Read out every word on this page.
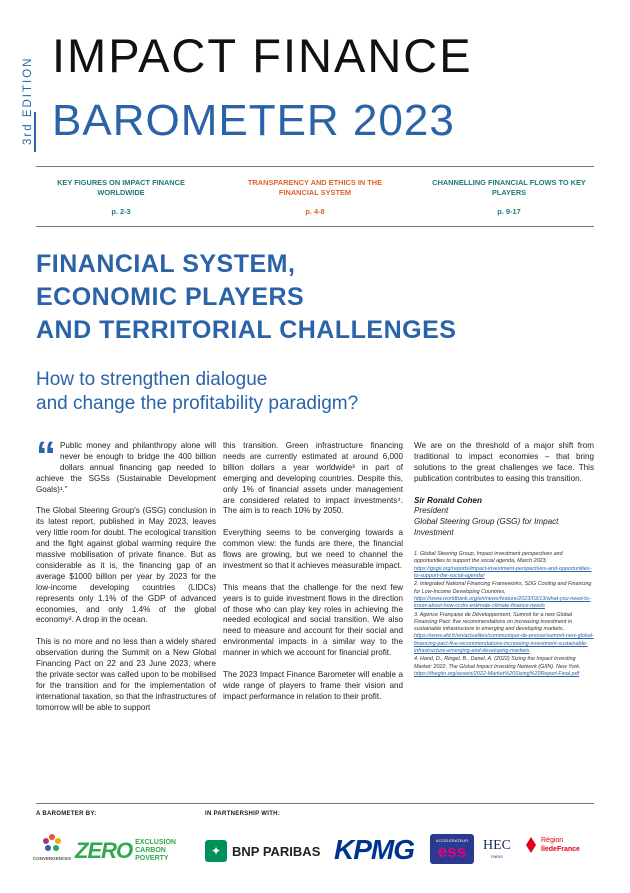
3rd EDITION
IMPACT FINANCE
BAROMETER 2023
KEY FIGURES ON IMPACT FINANCE WORLDWIDE
p. 2-3
TRANSPARENCY AND ETHICS IN THE FINANCIAL SYSTEM
p. 4-8
CHANNELLING FINANCIAL FLOWS TO KEY PLAYERS
p. 9-17
FINANCIAL SYSTEM,
ECONOMIC PLAYERS
AND TERRITORIAL CHALLENGES
How to strengthen dialogue
and change the profitability paradigm?

“ Public money and philanthropy alone will never be enough to bridge the 400 billion dollars annual financing gap needed to achieve the SGSs (Sustainable Development Goals)¹.”

The Global Steering Group's (GSG) conclusion in its latest report, published in May 2023, leaves very little room for doubt. The ecological transition and the fight against global warming require the massive mobilisation of private finance. But as considerable as it is, the financing gap of an average $1000 billion per year by 2023 for the low-income developing countries (LIDCs) represents only 1.1% of the GDP of advanced economies, and only 1.4% of the global economy². A drop in the ocean.

This is no more and no less than a widely shared observation during the Summit on a New Global Financing Pact on 22 and 23 June 2023, where the private sector was called upon to be mobilised for the transition and for the implementation of international taxation, so that the infrastructures of tomorrow will be able to support

this transition. Green infrastructure financing needs are currently estimated at around 6,000 billion dollars a year worldwide³ in part of emerging and developing countries. Despite this, only 1% of financial assets under management are considered related to impact investments⁴. The aim is to reach 10% by 2050.

Everything seems to be converging towards a common view: the funds are there, the financial flows are growing, but we need to channel the investment so that it achieves measurable impact.

This means that the challenge for the next few years is to guide investment flows in the direction of those who can play key roles in achieving the needed ecological and social transition. We also need to measure and account for their social and environmental impacts in a similar way to the manner in which we account for financial profit.

The 2023 Impact Finance Barometer will enable a wide range of players to frame their vision and impact performance in relation to their profit.

We are on the threshold of a major shift from traditional to impact economies – that bring solutions to the great challenges we face. This publication contributes to easing this transition.

Sir Ronald Cohen
President
Global Steering Group (GSG) for Impact Investment
1. Global Steering Group, Impact investment perspectives and opportunities to support the social agenda, March 2023, https://gsgii.org/reports/impact-investment-perspectives-and-opportunities-to-support-the-social-agenda/
2. Integrated National Financing Frameworks, SDG Costing and Financing for Low-Income Developing Countries, https://www.worldbank.org/en/news/feature/2023/03/13/what-you-need-to-know-about-how-ccdrs-estimate-climate-finance-needs
3. Agence Française de Développement, Summit for a new Global Financing Pact: five recommendations on increasing investment in sustainable infrastructure in emerging and developing markets, https://www.afd.fr/en/actualites/communique-de-presse/summit-new-global-financing-pact-five-recommendations-increasing-investment-sustainable-infrastructure-emerging-and-developing-markets
4. Hand, D., Ringel, B., Danel, A. (2022) Sizing the Impact Investing Market: 2022. The Global Impact Investing Network (GIIN). New York. https://thegiin.org/assets/2022-Market%20Sizing%20Report-Final.pdf
A BAROMETER BY:	IN PARTNERSHIP WITH:
CONVERGENCES ZERO EXCLUSION
CARBON
POVERTY
✦ BNP PARIBAS KPMG	ACCÉLÉRATEUR
ess HEC
PARIS
Région
îledeFrance
